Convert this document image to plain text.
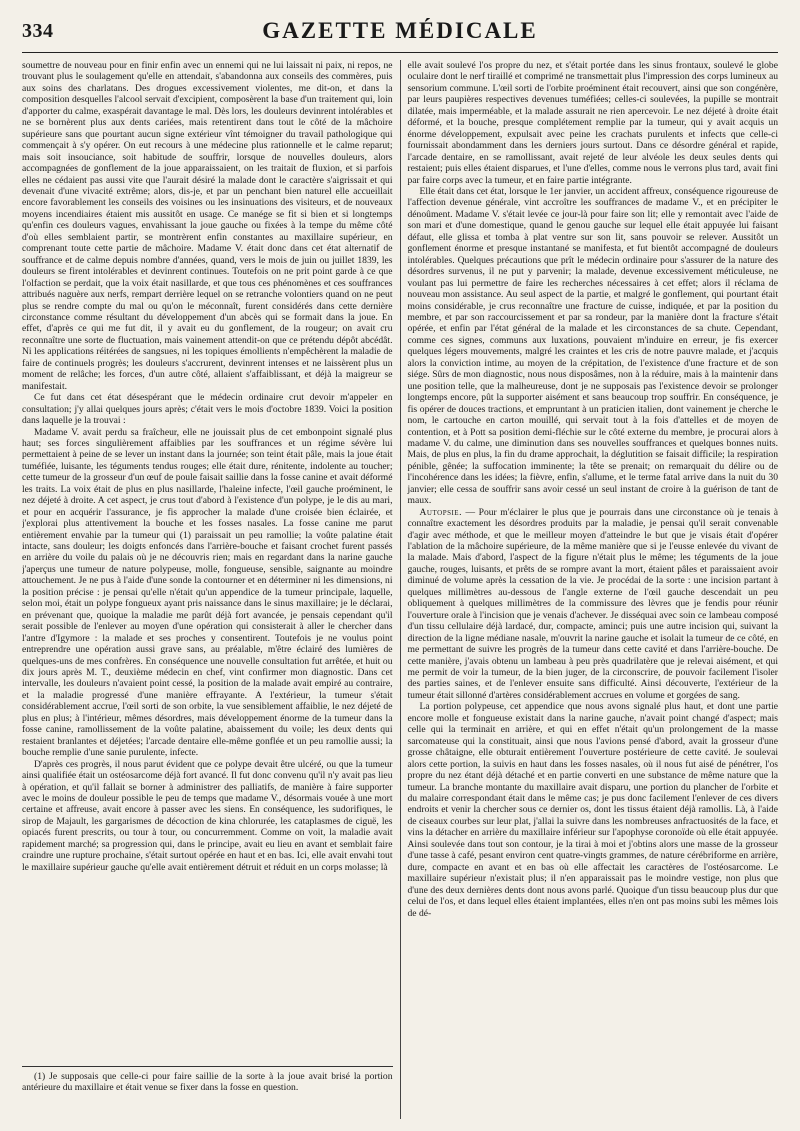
334	GAZETTE MÉDICALE

soumettre de nouveau pour en finir enfin avec un ennemi qui ne lui laissait ni paix, ni repos, ne trouvant plus le soulagement qu'elle en attendait, s'abandonna aux conseils des commères, puis aux soins des charlatans. Des drogues excessivement violentes, me dit-on, et dans la composition desquelles l'alcool servait d'excipient, composèrent la base d'un traitement qui, loin d'apporter du calme, exaspérait davantage le mal. Dès lors, les douleurs devinrent intolérables et ne se bornèrent plus aux dents cariées, mais retentirent dans tout le côté de la mâchoire supérieure sans que pourtant aucun signe extérieur vînt témoigner du travail pathologique qui commençait à s'y opérer. On eut recours à une médecine plus rationnelle et le calme reparut; mais soit insouciance, soit habitude de souffrir, lorsque de nouvelles douleurs, alors accompagnées de gonflement de la joue apparaissaient, on les traitait de fluxion, et si parfois elles ne cédaient pas aussi vite que l'aurait désiré la malade dont le caractère s'aigrissait et qui devenait d'une vivacité extrême; alors, dis-je, et par un penchant bien naturel elle accueillait encore favorablement les conseils des voisines ou les insinuations des visiteurs, et de nouveaux moyens incendiaires étaient mis aussitôt en usage. Ce manége se fit si bien et si longtemps qu'enfin ces douleurs vagues, envahissant la joue gauche ou fixées à la tempe du même côté d'où elles semblaient partir, se montrèrent enfin constantes au maxillaire supérieur, en comprenant toute cette partie de mâchoire. Madame V. était donc dans cet état alternatif de souffrance et de calme depuis nombre d'années, quand, vers le mois de juin ou juillet 1839, les douleurs se firent intolérables et devinrent continues. Toutefois on ne prit point garde à ce que l'olfaction se perdait, que la voix était nasillarde, et que tous ces phénomènes et ces souffrances attribués naguère aux nerfs, rempart derrière lequel on se retranche volontiers quand on ne peut plus se rendre compte du mal ou qu'on le méconnaît, furent considérés dans cette dernière circonstance comme résultant du développement d'un abcès qui se formait dans la joue. En effet, d'après ce qui me fut dit, il y avait eu du gonflement, de la rougeur; on avait cru reconnaître une sorte de fluctuation, mais vainement attendit-on que ce prétendu dépôt abcédât. Ni les applications réitérées de sangsues, ni les topiques émollients n'empêchèrent la maladie de faire de continuels progrès; les douleurs s'accrurent, devinrent intenses et ne laissèrent plus un moment de relâche; les forces, d'un autre côté, allaient s'affaiblissant, et déjà la maigreur se manifestait.

Ce fut dans cet état désespérant que le médecin ordinaire crut devoir m'appeler en consultation; j'y allai quelques jours après; c'était vers le mois d'octobre 1839. Voici la position dans laquelle je la trouvai :

Madame V. avait perdu sa fraîcheur, elle ne jouissait plus de cet embonpoint signalé plus haut; ses forces singulièrement affaiblies par les souffrances et un régime sévère lui permettaient à peine de se lever un instant dans la journée; son teint était pâle, mais la joue était tuméfiée, luisante, les téguments tendus rouges; elle était dure, rénitente, indolente au toucher; cette tumeur de la grosseur d'un œuf de poule faisait saillie dans la fosse canine et avait déformé les traits. La voix était de plus en plus nasillarde, l'haleine infecte, l'œil gauche proéminent, le nez déjeté à droite. A cet aspect, je crus tout d'abord à l'existence d'un polype, je le dis au mari, et pour en acquérir l'assurance, je fis approcher la malade d'une croisée bien éclairée, et j'explorai plus attentivement la bouche et les fosses nasales. La fosse canine me parut entièrement envahie par la tumeur qui (1) paraissait un peu ramollie; la voûte palatine était intacte, sans douleur; les doigts enfoncés dans l'arrière-bouche et faisant crochet furent passés en arrière du voile du palais où je ne découvris rien; mais en regardant dans la narine gauche j'aperçus une tumeur de nature polypeuse, molle, fongueuse, sensible, saignante au moindre attouchement. Je ne pus à l'aide d'une sonde la contourner et en déterminer ni les dimensions, ni la position précise : je pensai qu'elle n'était qu'un appendice de la tumeur principale, laquelle, selon moi, était un polype fongueux ayant pris naissance dans le sinus maxillaire; je le déclarai, en prévenant que, quoique la maladie me parût déjà fort avancée, je pensais cependant qu'il serait possible de l'enlever au moyen d'une opération qui consisterait à aller le chercher dans l'antre d'Igymore : la malade et ses proches y consentirent. Toutefois je ne voulus point entreprendre une opération aussi grave sans, au préalable, m'être éclairé des lumières de quelques-uns de mes confrères. En conséquence une nouvelle consultation fut arrêtée, et huit ou dix jours après M. T., deuxième médecin en chef, vint confirmer mon diagnostic. Dans cet intervalle, les douleurs n'avaient point cessé, la position de la malade avait empiré au contraire, et la maladie progressé d'une manière effrayante. A l'extérieur, la tumeur s'était considérablement accrue, l'œil sorti de son orbite, la vue sensiblement affaiblie, le nez déjeté de plus en plus; à l'intérieur, mêmes désordres, mais développement énorme de la tumeur dans la fosse canine, ramollissement de la voûte palatine, abaissement du voile; les deux dents qui restaient branlantes et déjetées; l'arcade dentaire elle-même gonflée et un peu ramollie aussi; la bouche remplie d'une sanie purulente, infecte.

D'après ces progrès, il nous parut évident que ce polype devait être ulcéré, ou que la tumeur ainsi qualifiée était un ostéosarcome déjà fort avancé. Il fut donc convenu qu'il n'y avait pas lieu à opération, et qu'il fallait se borner à administrer des palliatifs, de manière à faire supporter avec le moins de douleur possible le peu de temps que madame V., désormais vouée à une mort certaine et affreuse, avait encore à passer avec les siens. En conséquence, les sudorifiques, le sirop de Majault, les gargarismes de décoction de kina chlorurée, les cataplasmes de ciguë, les opiacés furent prescrits, ou tour à tour, ou concurremment. Comme on voit, la maladie avait rapidement marché; sa progression qui, dans le principe, avait eu lieu en avant et semblait faire craindre une rupture prochaine, s'était surtout opérée en haut et en bas. Ici, elle avait envahi tout le maxillaire supérieur gauche qu'elle avait entièrement détruit et réduit en un corps molasse; là

(1) Je supposais que celle-ci pour faire saillie de la sorte à la joue avait brisé la portion antérieure du maxillaire et était venue se fixer dans la fosse en question.

elle avait soulevé l'os propre du nez, et s'était portée dans les sinus frontaux, soulevé le globe oculaire dont le nerf tiraillé et comprimé ne transmettait plus l'impression des corps lumineux au sensorium commune. L'œil sorti de l'orbite proéminent était recouvert, ainsi que son congénère, par leurs paupières respectives devenues tuméfiées; celles-ci soulevées, la pupille se montrait dilatée, mais imperméable, et la malade assurait ne rien apercevoir. Le nez déjeté à droite était déformé, et la bouche, presque complétement remplie par la tumeur, qui y avait acquis un énorme développement, expulsait avec peine les crachats purulents et infects que celle-ci fournissait abondamment dans les derniers jours surtout. Dans ce désordre général et rapide, l'arcade dentaire, en se ramollissant, avait rejeté de leur alvéole les deux seules dents qui restaient; puis elles étaient disparues, et l'une d'elles, comme nous le verrons plus tard, avait fini par faire corps avec la tumeur, et en faire partie intégrante.

Elle était dans cet état, lorsque le 1er janvier, un accident affreux, conséquence rigoureuse de l'affection devenue générale, vint accroître les souffrances de madame V., et en précipiter le dénoûment. Madame V. s'était levée ce jour-là pour faire son lit; elle y remontait avec l'aide de son mari et d'une domestique, quand le genou gauche sur lequel elle était appuyée lui faisant défaut, elle glissa et tomba à plat ventre sur son lit, sans pouvoir se relever. Aussitôt un gonflement énorme et presque instantané se manifesta, et fut bientôt accompagné de douleurs intolérables. Quelques précautions que prît le médecin ordinaire pour s'assurer de la nature des désordres survenus, il ne put y parvenir; la malade, devenue excessivement méticuleuse, ne voulant pas lui permettre de faire les recherches nécessaires à cet effet; alors il réclama de nouveau mon assistance. Au seul aspect de la partie, et malgré le gonflement, qui pourtant était moins considérable, je crus reconnaître une fracture de cuisse, indiquée, et par la position du membre, et par son raccourcissement et par sa rondeur, par la manière dont la fracture s'était opérée, et enfin par l'état général de la malade et les circonstances de sa chute. Cependant, comme ces signes, communs aux luxations, pouvaient m'induire en erreur, je fis exercer quelques légers mouvements, malgré les craintes et les cris de notre pauvre malade, et j'acquis alors la conviction intime, au moyen de la crépitation, de l'existence d'une fracture et de son siége. Sûrs de mon diagnostic, nous nous disposâmes, non à la réduire, mais à la maintenir dans une position telle, que la malheureuse, dont je ne supposais pas l'existence devoir se prolonger longtemps encore, pût la supporter aisément et sans beaucoup trop souffrir. En conséquence, je fis opérer de douces tractions, et empruntant à un praticien italien, dont vainement je cherche le nom, le cartouche en carton mouillé, qui servait tout à la fois d'attelles et de moyen de contention, et à Pott sa position demi-fléchie sur le côté externe du membre, je procurai alors à madame V. du calme, une diminution dans ses nouvelles souffrances et quelques bonnes nuits. Mais, de plus en plus, la fin du drame approchait, la déglutition se faisait difficile; la respiration pénible, gênée; la suffocation imminente; la tête se prenait; on remarquait du délire ou de l'incohérence dans les idées; la fièvre, enfin, s'allume, et le terme fatal arrive dans la nuit du 30 janvier; elle cessa de souffrir sans avoir cessé un seul instant de croire à la guérison de tant de maux.

Autopsie. — Pour m'éclairer le plus que je pourrais dans une circonstance où je tenais à connaître exactement les désordres produits par la maladie, je pensai qu'il serait convenable d'agir avec méthode, et que le meilleur moyen d'atteindre le but que je visais était d'opérer l'ablation de la mâchoire supérieure, de la même manière que si je l'eusse enlevée du vivant de la malade. Mais d'abord, l'aspect de la figure n'était plus le même; les téguments de la joue gauche, rouges, luisants, et prêts de se rompre avant la mort, étaient pâles et paraissaient avoir diminué de volume après la cessation de la vie. Je procédai de la sorte : une incision partant à quelques millimètres au-dessous de l'angle externe de l'œil gauche descendait un peu obliquement à quelques millimètres de la commissure des lèvres que je fendis pour réunir l'ouverture orale à l'incision que je venais d'achever. Je disséquai avec soin ce lambeau composé d'un tissu cellulaire déjà lardacé, dur, compacte, aminci; puis une autre incision qui, suivant la direction de la ligne médiane nasale, m'ouvrit la narine gauche et isolait la tumeur de ce côté, en me permettant de suivre les progrès de la tumeur dans cette cavité et dans l'arrière-bouche. De cette manière, j'avais obtenu un lambeau à peu près quadrilatère que je relevai aisément, et qui me permit de voir la tumeur, de la bien juger, de la circonscrire, de pouvoir facilement l'isoler des parties saines, et de l'enlever ensuite sans difficulté. Ainsi découverte, l'extérieur de la tumeur était sillonné d'artères considérablement accrues en volume et gorgées de sang.

La portion polypeuse, cet appendice que nous avons signalé plus haut, et dont une partie encore molle et fongueuse existait dans la narine gauche, n'avait point changé d'aspect; mais celle qui la terminait en arrière, et qui en effet n'était qu'un prolongement de la masse sarcomateuse qui la constituait, ainsi que nous l'avions pensé d'abord, avait la grosseur d'une grosse châtaigne, elle obturait entièrement l'ouverture postérieure de cette cavité. Je soulevai alors cette portion, la suivis en haut dans les fosses nasales, où il nous fut aisé de pénétrer, l'os propre du nez étant déjà détaché et en partie converti en une substance de même nature que la tumeur. La branche montante du maxillaire avait disparu, une portion du plancher de l'orbite et du malaire correspondant était dans le même cas; je pus donc facilement l'enlever de ces divers endroits et venir la chercher sous ce dernier os, dont les tissus étaient déjà ramollis. Là, à l'aide de ciseaux courbes sur leur plat, j'allai la suivre dans les nombreuses anfractuosités de la face, et vins la détacher en arrière du maxillaire inférieur sur l'apophyse coronoïde où elle était appuyée. Ainsi soulevée dans tout son contour, je la tirai à moi et j'obtins alors une masse de la grosseur d'une tasse à café, pesant environ cent quatre-vingts grammes, de nature cérébriforme en arrière, dure, compacte en avant et en bas où elle affectait les caractères de l'ostéosarcome. Le maxillaire supérieur n'existait plus; il n'en apparaissait pas le moindre vestige, non plus que d'une des deux dernières dents dont nous avons parlé. Quoique d'un tissu beaucoup plus dur que celui de l'os, et dans lequel elles étaient implantées, elles n'en ont pas moins subi les mêmes lois de dé-
